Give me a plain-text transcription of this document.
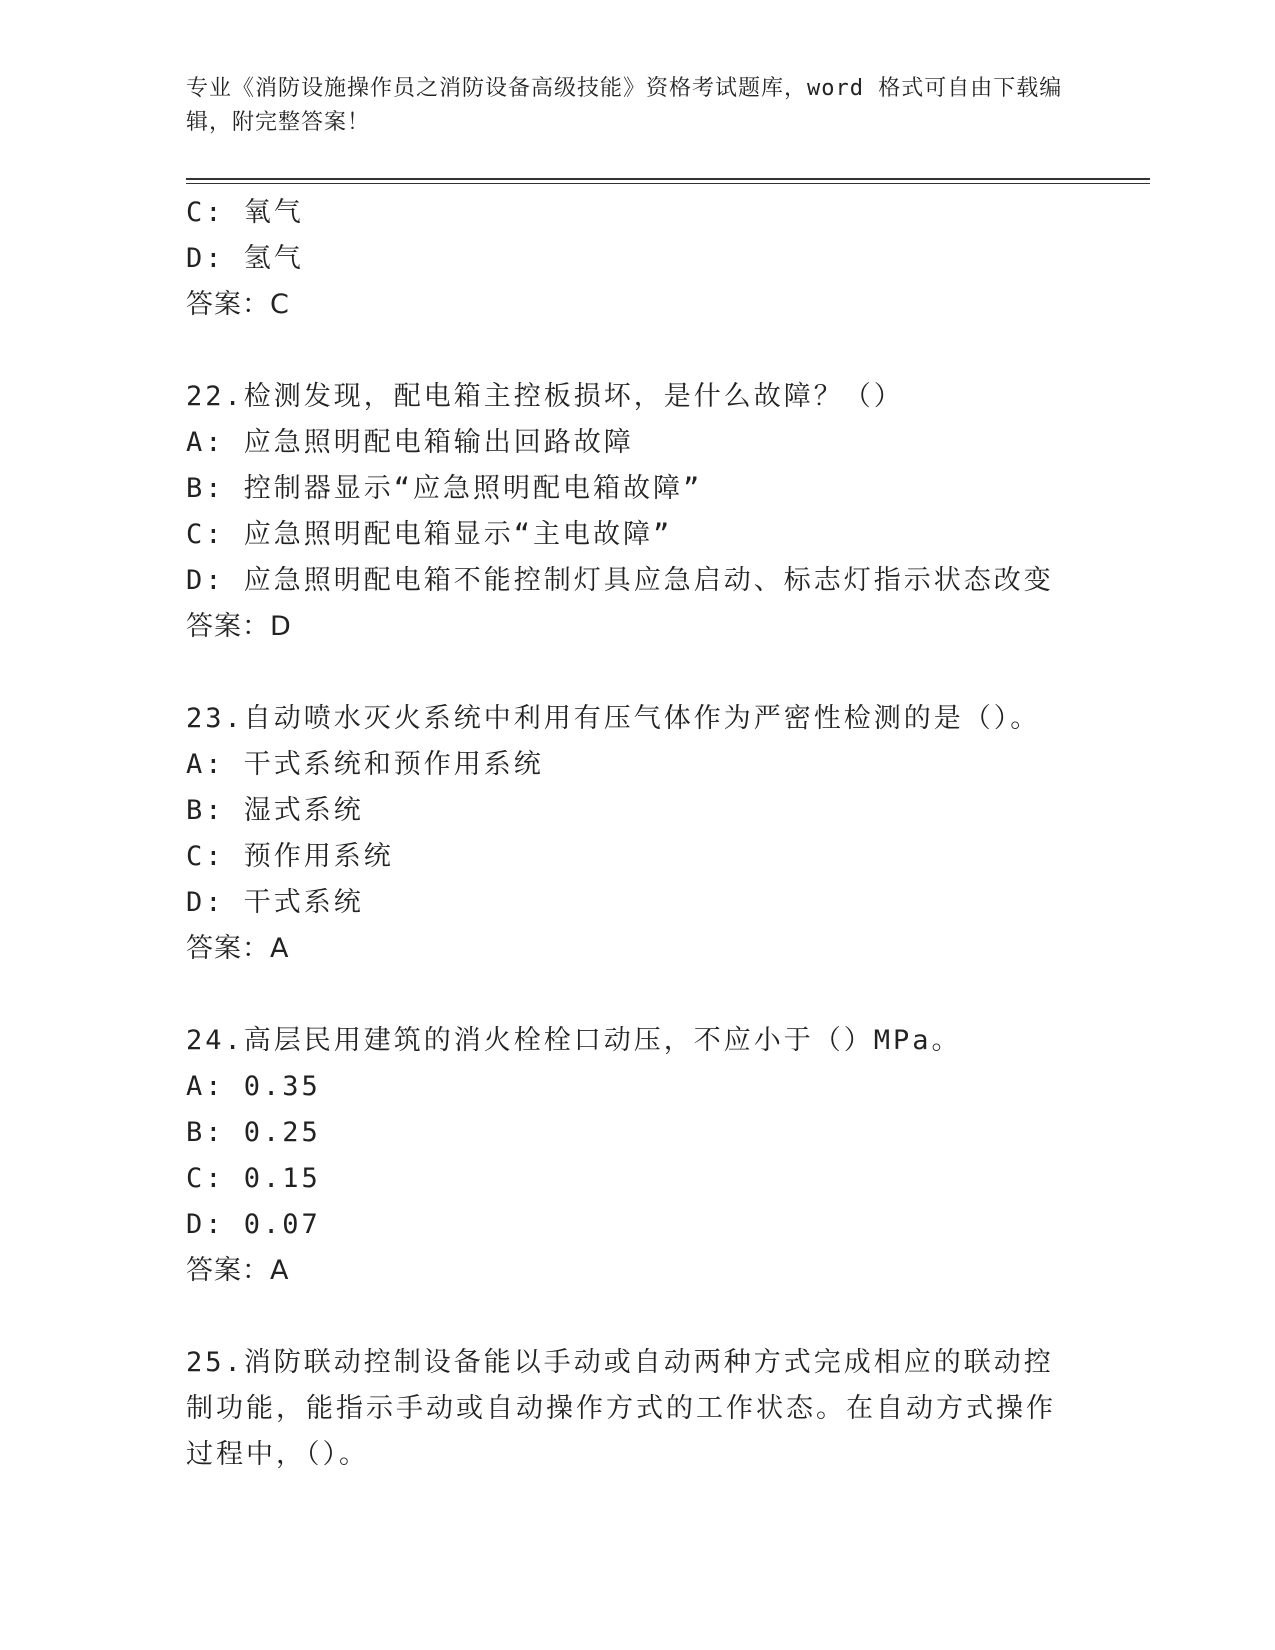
专业《消防设施操作员之消防设备高级技能》资格考试题库，word 格式可自由下载编辑，附完整答案！
C: 氧气
D: 氢气
答案：C
22.检测发现，配电箱主控板损坏，是什么故障？（）
A: 应急照明配电箱输出回路故障
B: 控制器显示“应急照明配电箱故障”
C: 应急照明配电箱显示“主电故障”
D: 应急照明配电箱不能控制灯具应急启动、标志灯指示状态改变
答案：D
23.自动喷水灭火系统中利用有压气体作为严密性检测的是（）。
A: 干式系统和预作用系统
B: 湿式系统
C: 预作用系统
D: 干式系统
答案：A
24.高层民用建筑的消火栓栓口动压，不应小于（）MPa。
A: 0.35
B: 0.25
C: 0.15
D: 0.07
答案：A
25.消防联动控制设备能以手动或自动两种方式完成相应的联动控制功能，能指示手动或自动操作方式的工作状态。在自动方式操作过程中，（）。
